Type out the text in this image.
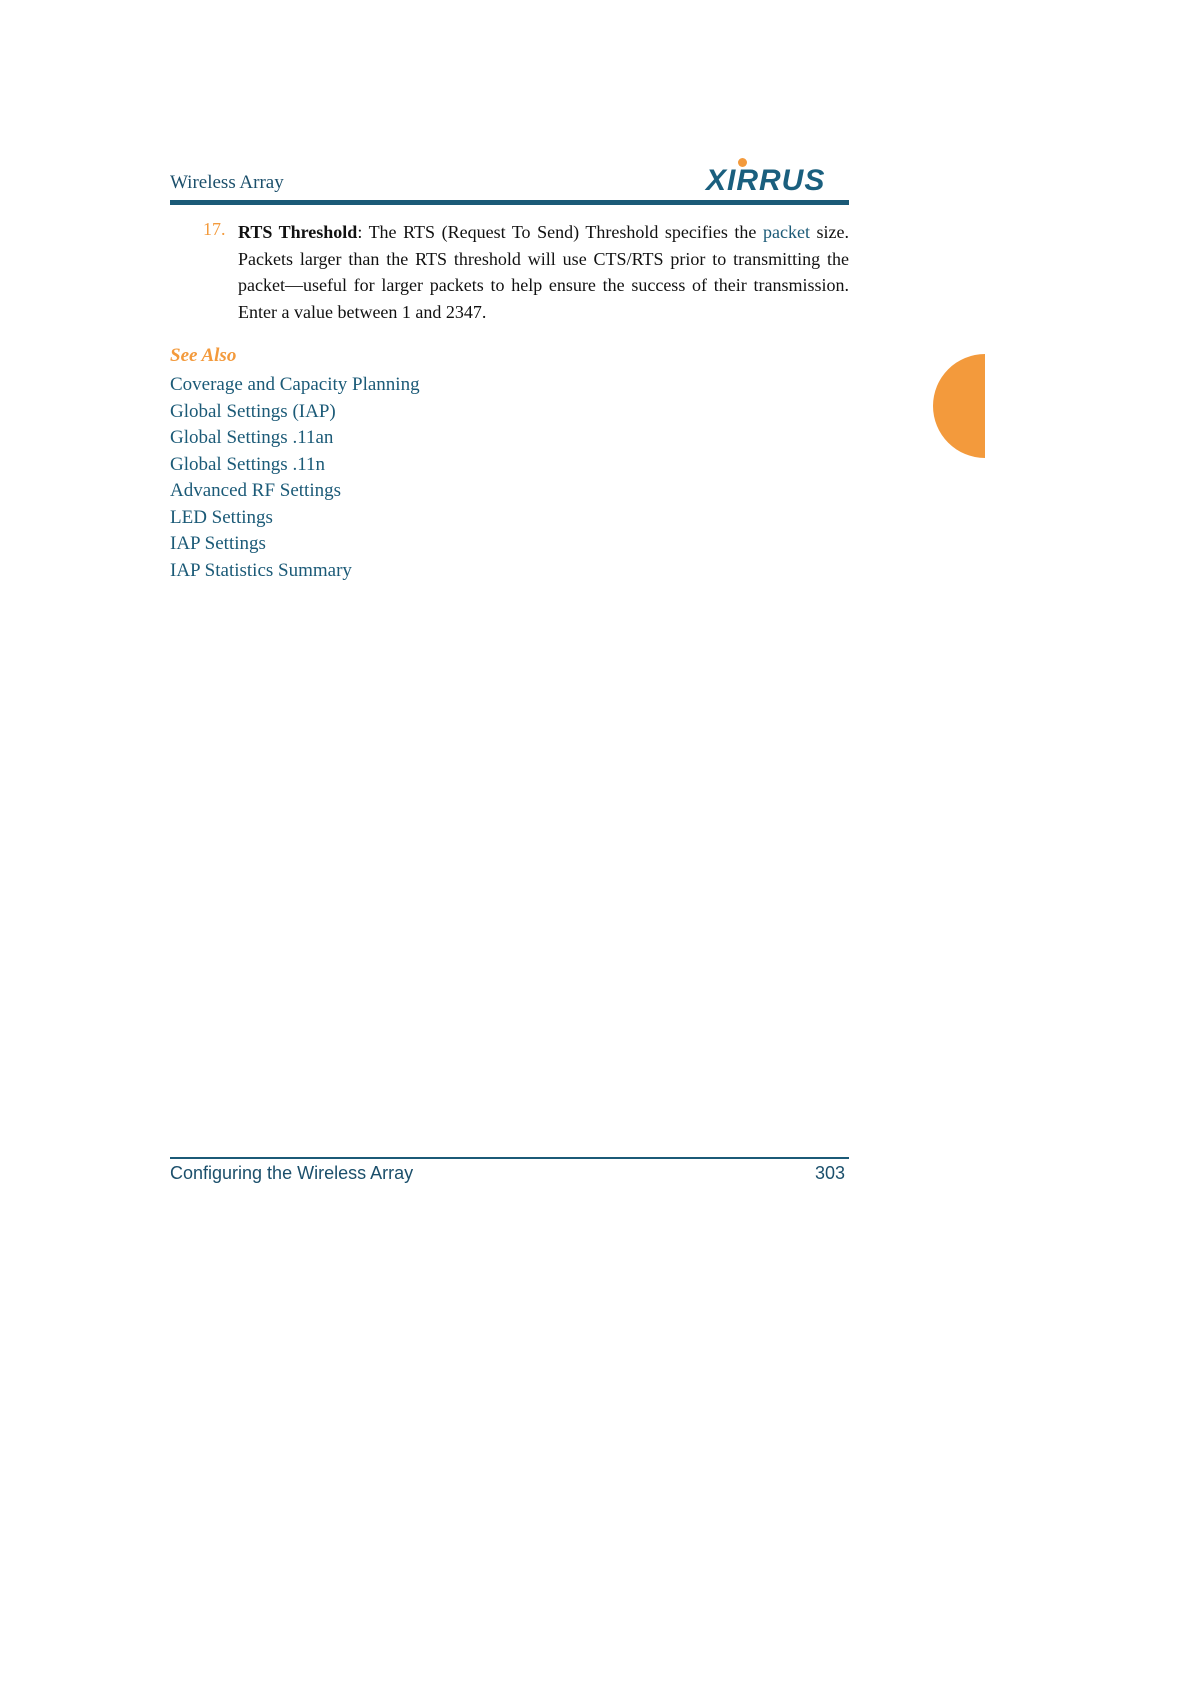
Wireless Array	XIRRUS
17. RTS Threshold: The RTS (Request To Send) Threshold specifies the packet size. Packets larger than the RTS threshold will use CTS/RTS prior to transmitting the packet—useful for larger packets to help ensure the success of their transmission. Enter a value between 1 and 2347.
See Also
Coverage and Capacity Planning
Global Settings (IAP)
Global Settings .11an
Global Settings .11n
Advanced RF Settings
LED Settings
IAP Settings
IAP Statistics Summary
Configuring the Wireless Array	303
